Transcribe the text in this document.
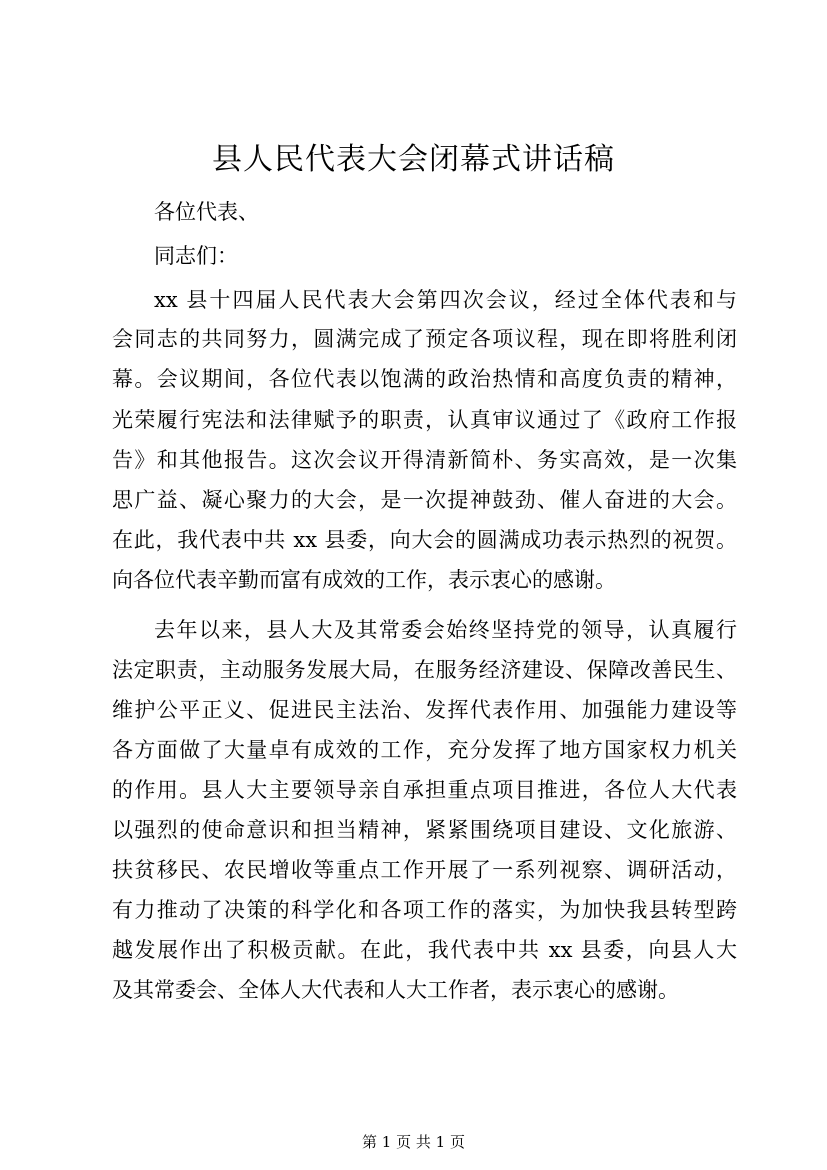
县人民代表大会闭幕式讲话稿

各位代表、

同志们：

xx 县十四届人民代表大会第四次会议，经过全体代表和与

会同志的共同努力，圆满完成了预定各项议程，现在即将胜利闭

幕。会议期间，各位代表以饱满的政治热情和高度负责的精神，

光荣履行宪法和法律赋予的职责，认真审议通过了《政府工作报

告》和其他报告。这次会议开得清新简朴、务实高效，是一次集

思广益、凝心聚力的大会，是一次提神鼓劲、催人奋进的大会。

在此，我代表中共 xx 县委，向大会的圆满成功表示热烈的祝贺。

向各位代表辛勤而富有成效的工作，表示衷心的感谢。

去年以来，县人大及其常委会始终坚持党的领导，认真履行

法定职责，主动服务发展大局，在服务经济建设、保障改善民生、

维护公平正义、促进民主法治、发挥代表作用、加强能力建设等

各方面做了大量卓有成效的工作，充分发挥了地方国家权力机关

的作用。县人大主要领导亲自承担重点项目推进，各位人大代表

以强烈的使命意识和担当精神，紧紧围绕项目建设、文化旅游、

扶贫移民、农民增收等重点工作开展了一系列视察、调研活动，

有力推动了决策的科学化和各项工作的落实，为加快我县转型跨

越发展作出了积极贡献。在此，我代表中共 xx 县委，向县人大

及其常委会、全体人大代表和人大工作者，表示衷心的感谢。

第 1 页 共 1 页
